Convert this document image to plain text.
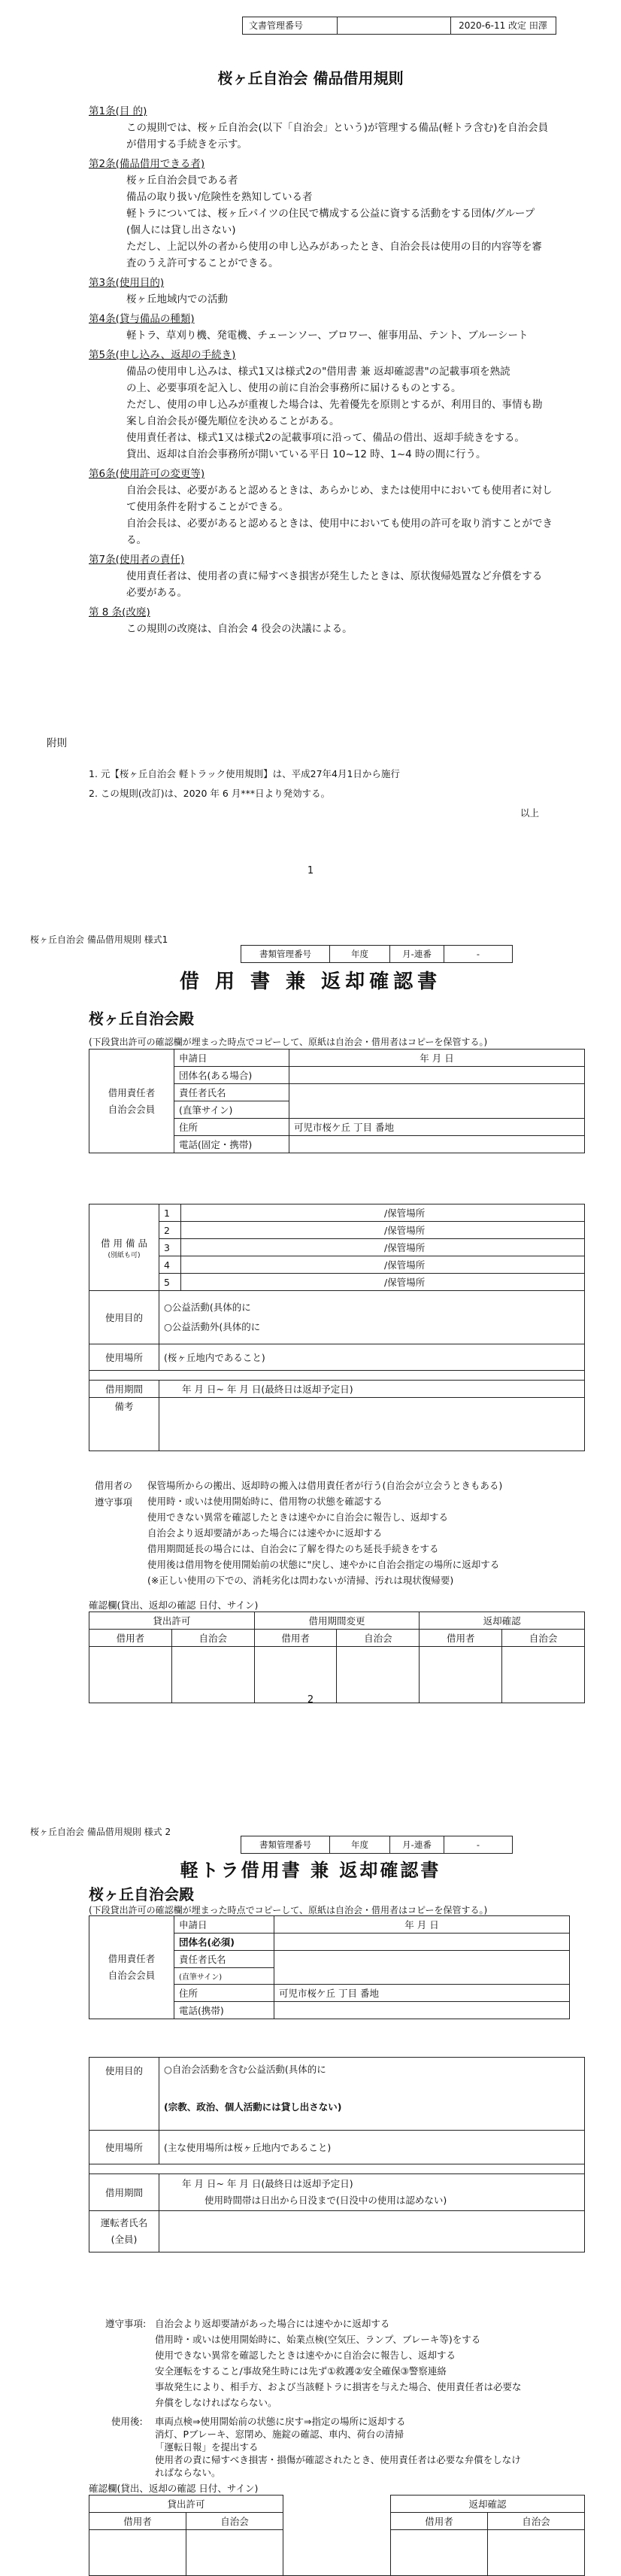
文書管理番号	2020-6-11 改定 田澤
桜ヶ丘自治会 備品借用規則
第1条(目 的)
この規則では、桜ヶ丘自治会(以下「自治会」という)が管理する備品(軽トラ含む)を自治会員
が借用する手続きを示す。
第2条(備品借用できる者)
桜ヶ丘自治会員である者
備品の取り扱い/危険性を熟知している者
軽トラについては、桜ヶ丘パイツの住民で構成する公益に資する活動をする団体/グループ
(個人には貸し出さない)
ただし、上記以外の者から使用の申し込みがあったとき、自治会長は使用の目的内容等を審
査のうえ許可することができる。
第3条(使用目的)
桜ヶ丘地域内での活動
第4条(貸与備品の種類)
軽トラ、草刈り機、発電機、チェーンソー、ブロワー、催事用品、テント、ブルーシート
第5条(申し込み、返却の手続き)
備品の使用申し込みは、様式1又は様式2の"借用書 兼 返却確認書"の記載事項を熟読
の上、必要事項を記入し、使用の前に自治会事務所に届けるものとする。
ただし、使用の申し込みが重複した場合は、先着優先を原則とするが、利用目的、事情も勘
案し自治会長が優先順位を決めることがある。
使用責任者は、様式1又は様式2の記載事項に沿って、備品の借出、返却手続きをする。
貸出、返却は自治会事務所が開いている平日 10~12 時、1~4 時の間に行う。
第6条(使用許可の変更等)
自治会長は、必要があると認めるときは、あらかじめ、または使用中においても使用者に対し
て使用条件を附することができる。
自治会長は、必要があると認めるときは、使用中においても使用の許可を取り消すことができ
る。
第7条(使用者の責任)
使用責任者は、使用者の責に帰すべき損害が発生したときは、原状復帰処置など弁償をする
必要がある。
第 8 条(改廃)
この規則の改廃は、自治会 4 役会の決議による。
附則
1. 元【桜ヶ丘自治会 軽トラック使用規則】は、平成27年4月1日から施行
2. この規則(改訂)は、2020 年 6 月***日より発効する。
以上
1
桜ヶ丘自治会 備品借用規則 様式1
書類管理番号	年度	月-連番	-
借 用 書 兼 返却確認書
桜ヶ丘自治会殿
(下段貸出許可の確認欄が埋まった時点でコピーして、原紙は自治会・借用者はコピーを保管する。)
借用責任者
自治会会員	申請日	年 月 日
	団体名(ある場合)	
	責任者氏名	
	(直筆サイン)	
	住所	可児市桜ケ丘 丁目 番地
	電話(固定・携帯)	
借 用 備 品
(別紙も可)	1	/保管場所
	2	/保管場所
	3	/保管場所
	4	/保管場所
	5	/保管場所
使用目的	○公益活動(具体的に
○公益活動外(具体的に	

使用場所	(桜ヶ丘地内であること)	

借用期間	年 月 日~ 年 月 日(最終日は返却予定日)	
備考		
借用者の
遵守事項
保管場所からの搬出、返却時の搬入は借用責任者が行う(自治会が立会うときもある)
使用時・或いは使用開始時に、借用物の状態を確認する
使用できない異常を確認したときは速やかに自治会に報告し、返却する
自治会より返却要請があった場合には速やかに返却する
借用期間延長の場合には、自治会に了解を得たのち延長手続きをする
使用後は借用物を使用開始前の状態に"戻し、速やかに自治会指定の場所に返却する
(※正しい使用の下での、消耗劣化は問わないが清掃、汚れは現状復帰要)
確認欄(貸出、返却の確認 日付、サイン)
貸出許可		借用期間変更		返却確認	
借用者	自治会	借用者	自治会	借用者	自治会

2
桜ヶ丘自治会 備品借用規則 様式 2
書類管理番号	年度	月-連番	-
軽トラ借用書 兼 返却確認書
桜ヶ丘自治会殿
(下段貸出許可の確認欄が埋まった時点でコピーして、原紙は自治会・借用者はコピーを保管する。)
借用責任者
自治会会員	申請日	年 月 日
	団体名(必須)	
	責任者氏名	
	(直筆サイン)	
	住所	可児市桜ケ丘 丁目 番地
	電話(携帯)	
使用目的	○自治会活動を含む公益活動(具体的に
(宗教、政治、個人活動には貸し出さない)

使用場所	(主な使用場所は桜ヶ丘地内であること)

借用期間	年 月 日~ 年 月 日(最終日は返却予定日)
使用時間帯は日出から日没まで(日没中の使用は認めない)

運転者氏名
(全員)	

遵守事項: 自治会より返却要請があった場合には速やかに返却する
借用時・或いは使用開始時に、始業点検(空気圧、ランプ、ブレーキ等)をする
使用できない異常を確認したときは速やかに自治会に報告し、返却する
安全運転をすること/事故発生時には先ず①救護②安全確保③警察連絡
事故発生により、相手方、および当該軽トラに損害を与えた場合、使用責任者は必要な
弁償をしなければならない。
使用後: 車両点検⇒使用開始前の状態に戻す⇒指定の場所に返却する
消灯、Pブレーキ、窓閉め、施錠の確認、車内、荷台の清掃
「運転日報」を提出する
使用者の責に帰すべき損害・損傷が確認されたとき、使用責任者は必要な弁償をしなけ
ればならない。
確認欄(貸出、返却の確認 日付、サイン)
貸出許可			返却確認	
借用者	自治会		借用者	自治会
